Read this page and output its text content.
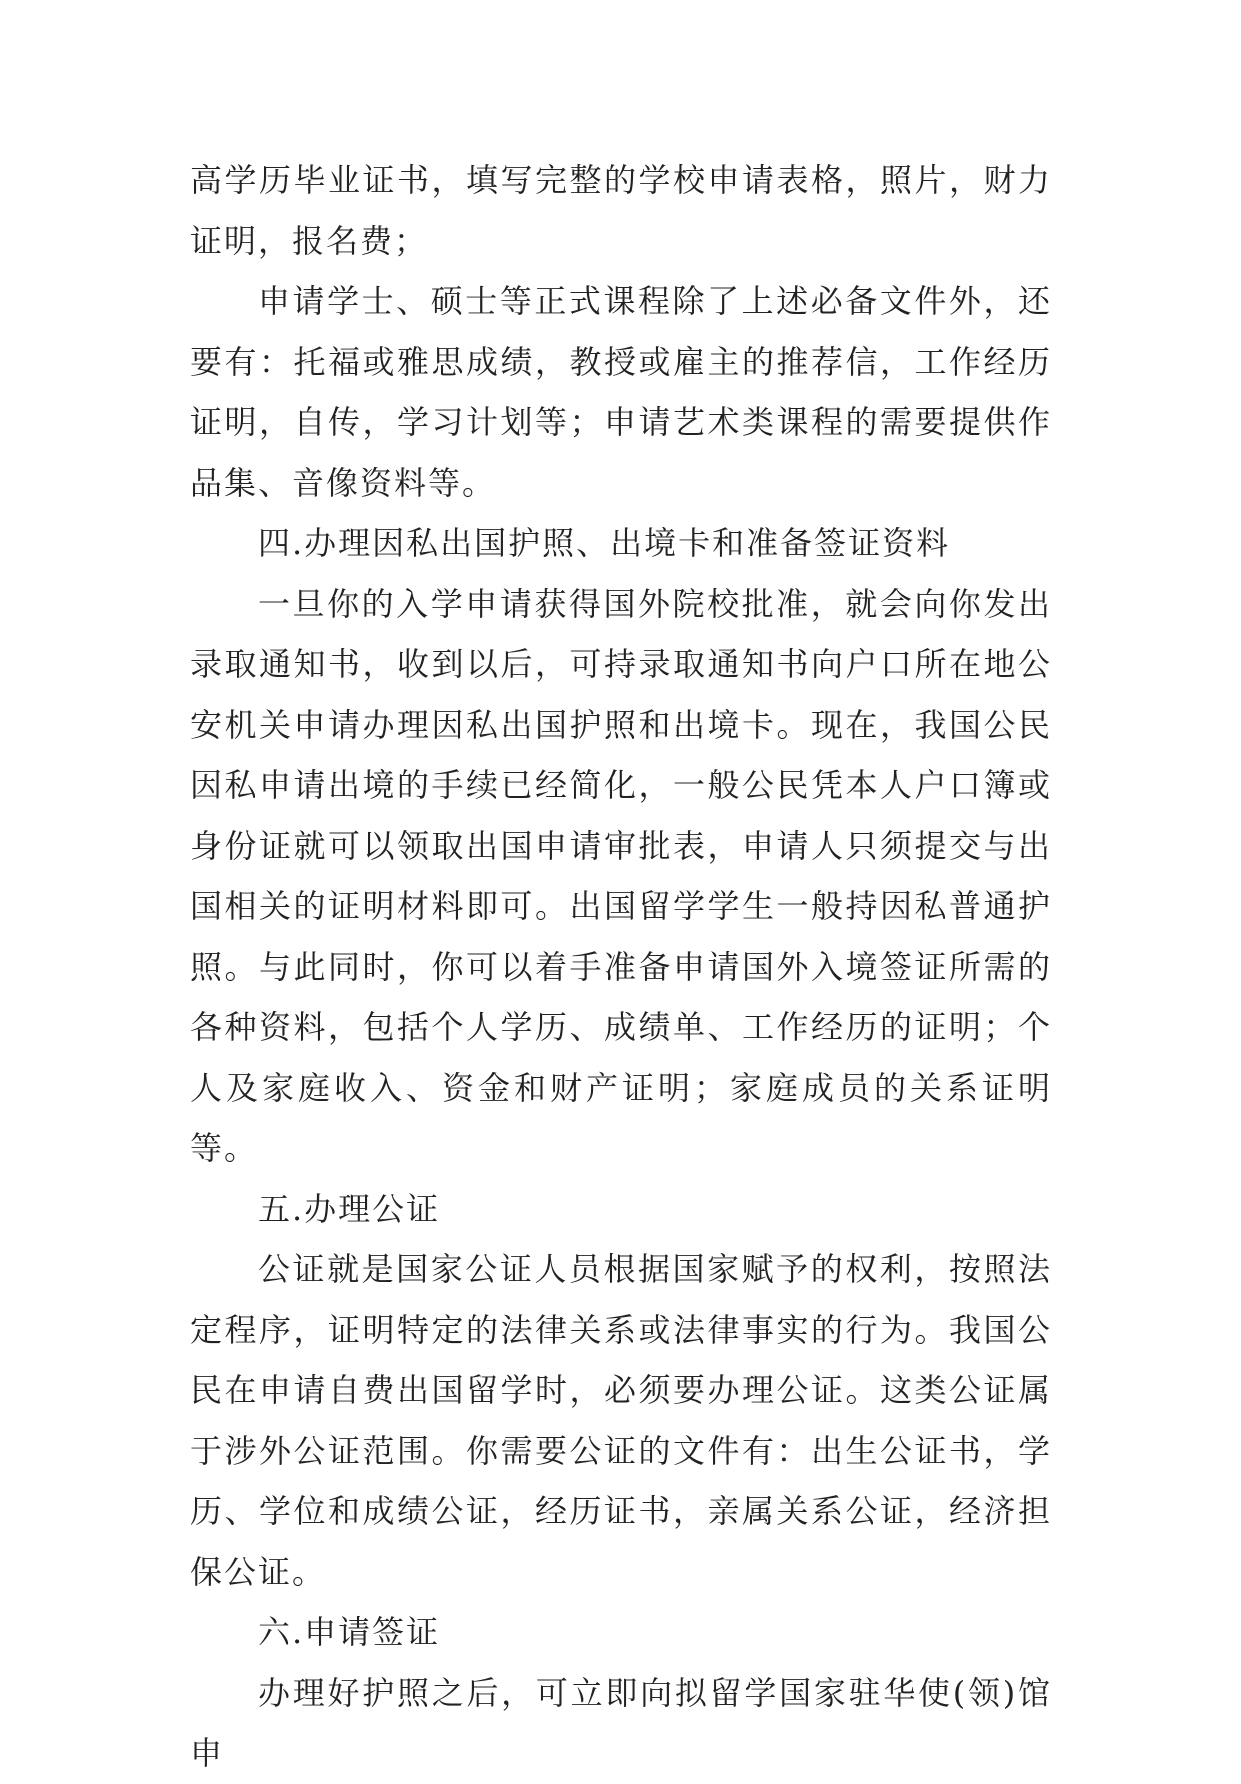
高学历毕业证书，填写完整的学校申请表格，照片，财力证明，报名费；

申请学士、硕士等正式课程除了上述必备文件外，还要有：托福或雅思成绩，教授或雇主的推荐信，工作经历证明，自传，学习计划等；申请艺术类课程的需要提供作品集、音像资料等。

四.办理因私出国护照、出境卡和准备签证资料

一旦你的入学申请获得国外院校批准，就会向你发出录取通知书，收到以后，可持录取通知书向户口所在地公安机关申请办理因私出国护照和出境卡。现在，我国公民因私申请出境的手续已经简化，一般公民凭本人户口簿或身份证就可以领取出国申请审批表，申请人只须提交与出国相关的证明材料即可。出国留学学生一般持因私普通护照。与此同时，你可以着手准备申请国外入境签证所需的各种资料，包括个人学历、成绩单、工作经历的证明；个人及家庭收入、资金和财产证明；家庭成员的关系证明等。

五.办理公证

公证就是国家公证人员根据国家赋予的权利，按照法定程序，证明特定的法律关系或法律事实的行为。我国公民在申请自费出国留学时，必须要办理公证。这类公证属于涉外公证范围。你需要公证的文件有：出生公证书，学历、学位和成绩公证，经历证书，亲属关系公证，经济担保公证。

六.申请签证

办理好护照之后，可立即向拟留学国家驻华使(领)馆申
